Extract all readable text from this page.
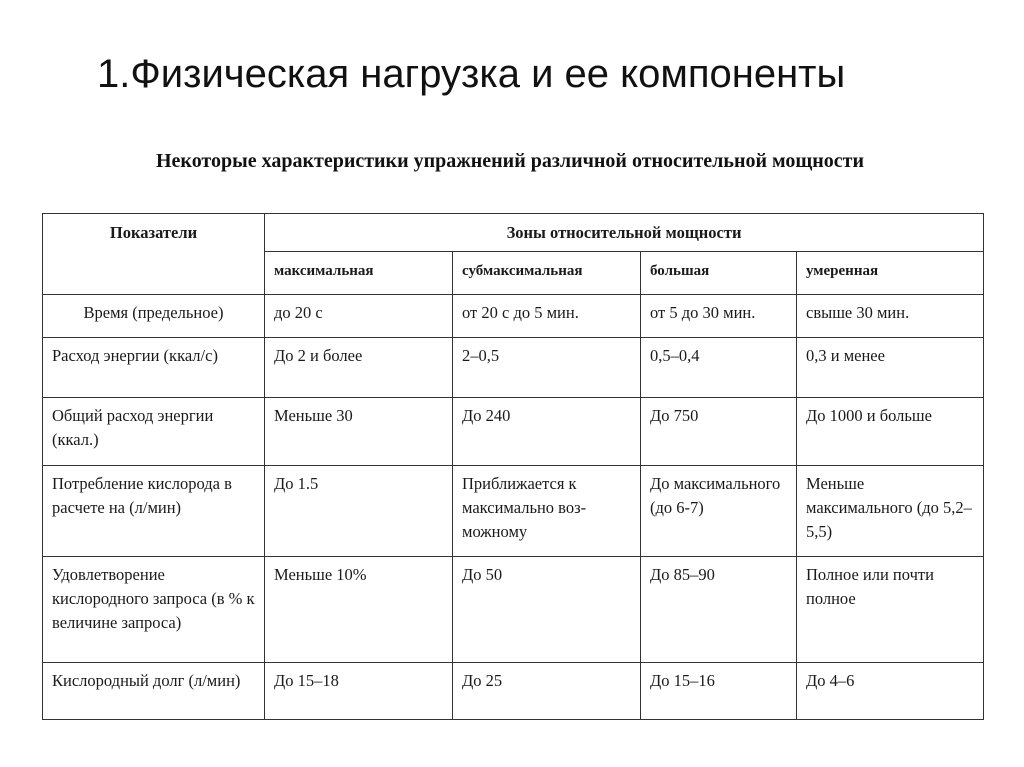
1.Физическая нагрузка и ее компоненты

Некоторые характеристики упражнений различной относительной мощности

Показатели	Зоны относительной мощности			
	максимальная	субмаксимальная	большая	умеренная
Время (предельное)	до 20 с	от 20 с до 5 мин.	от 5 до 30 мин.	свыше 30 мин.
Расход энергии (ккал/с)	До 2 и более	2–0,5	0,5–0,4	0,3 и менее
Общий расход энергии (ккал.)	Меньше 30	До 240	До 750	До 1000 и больше
Потребление кислорода в расчете на (л/мин)	До 1.5	Приближается к максимально воз-можному	До максимального (до 6-7)	Меньше максимального (до 5,2–5,5)
Удовлетворение кислородного запроса (в % к величине запроса)	Меньше 10%	До 50	До 85–90	Полное или почти полное
Кислородный долг (л/мин)	До 15–18	До 25	До 15–16	До 4–6
